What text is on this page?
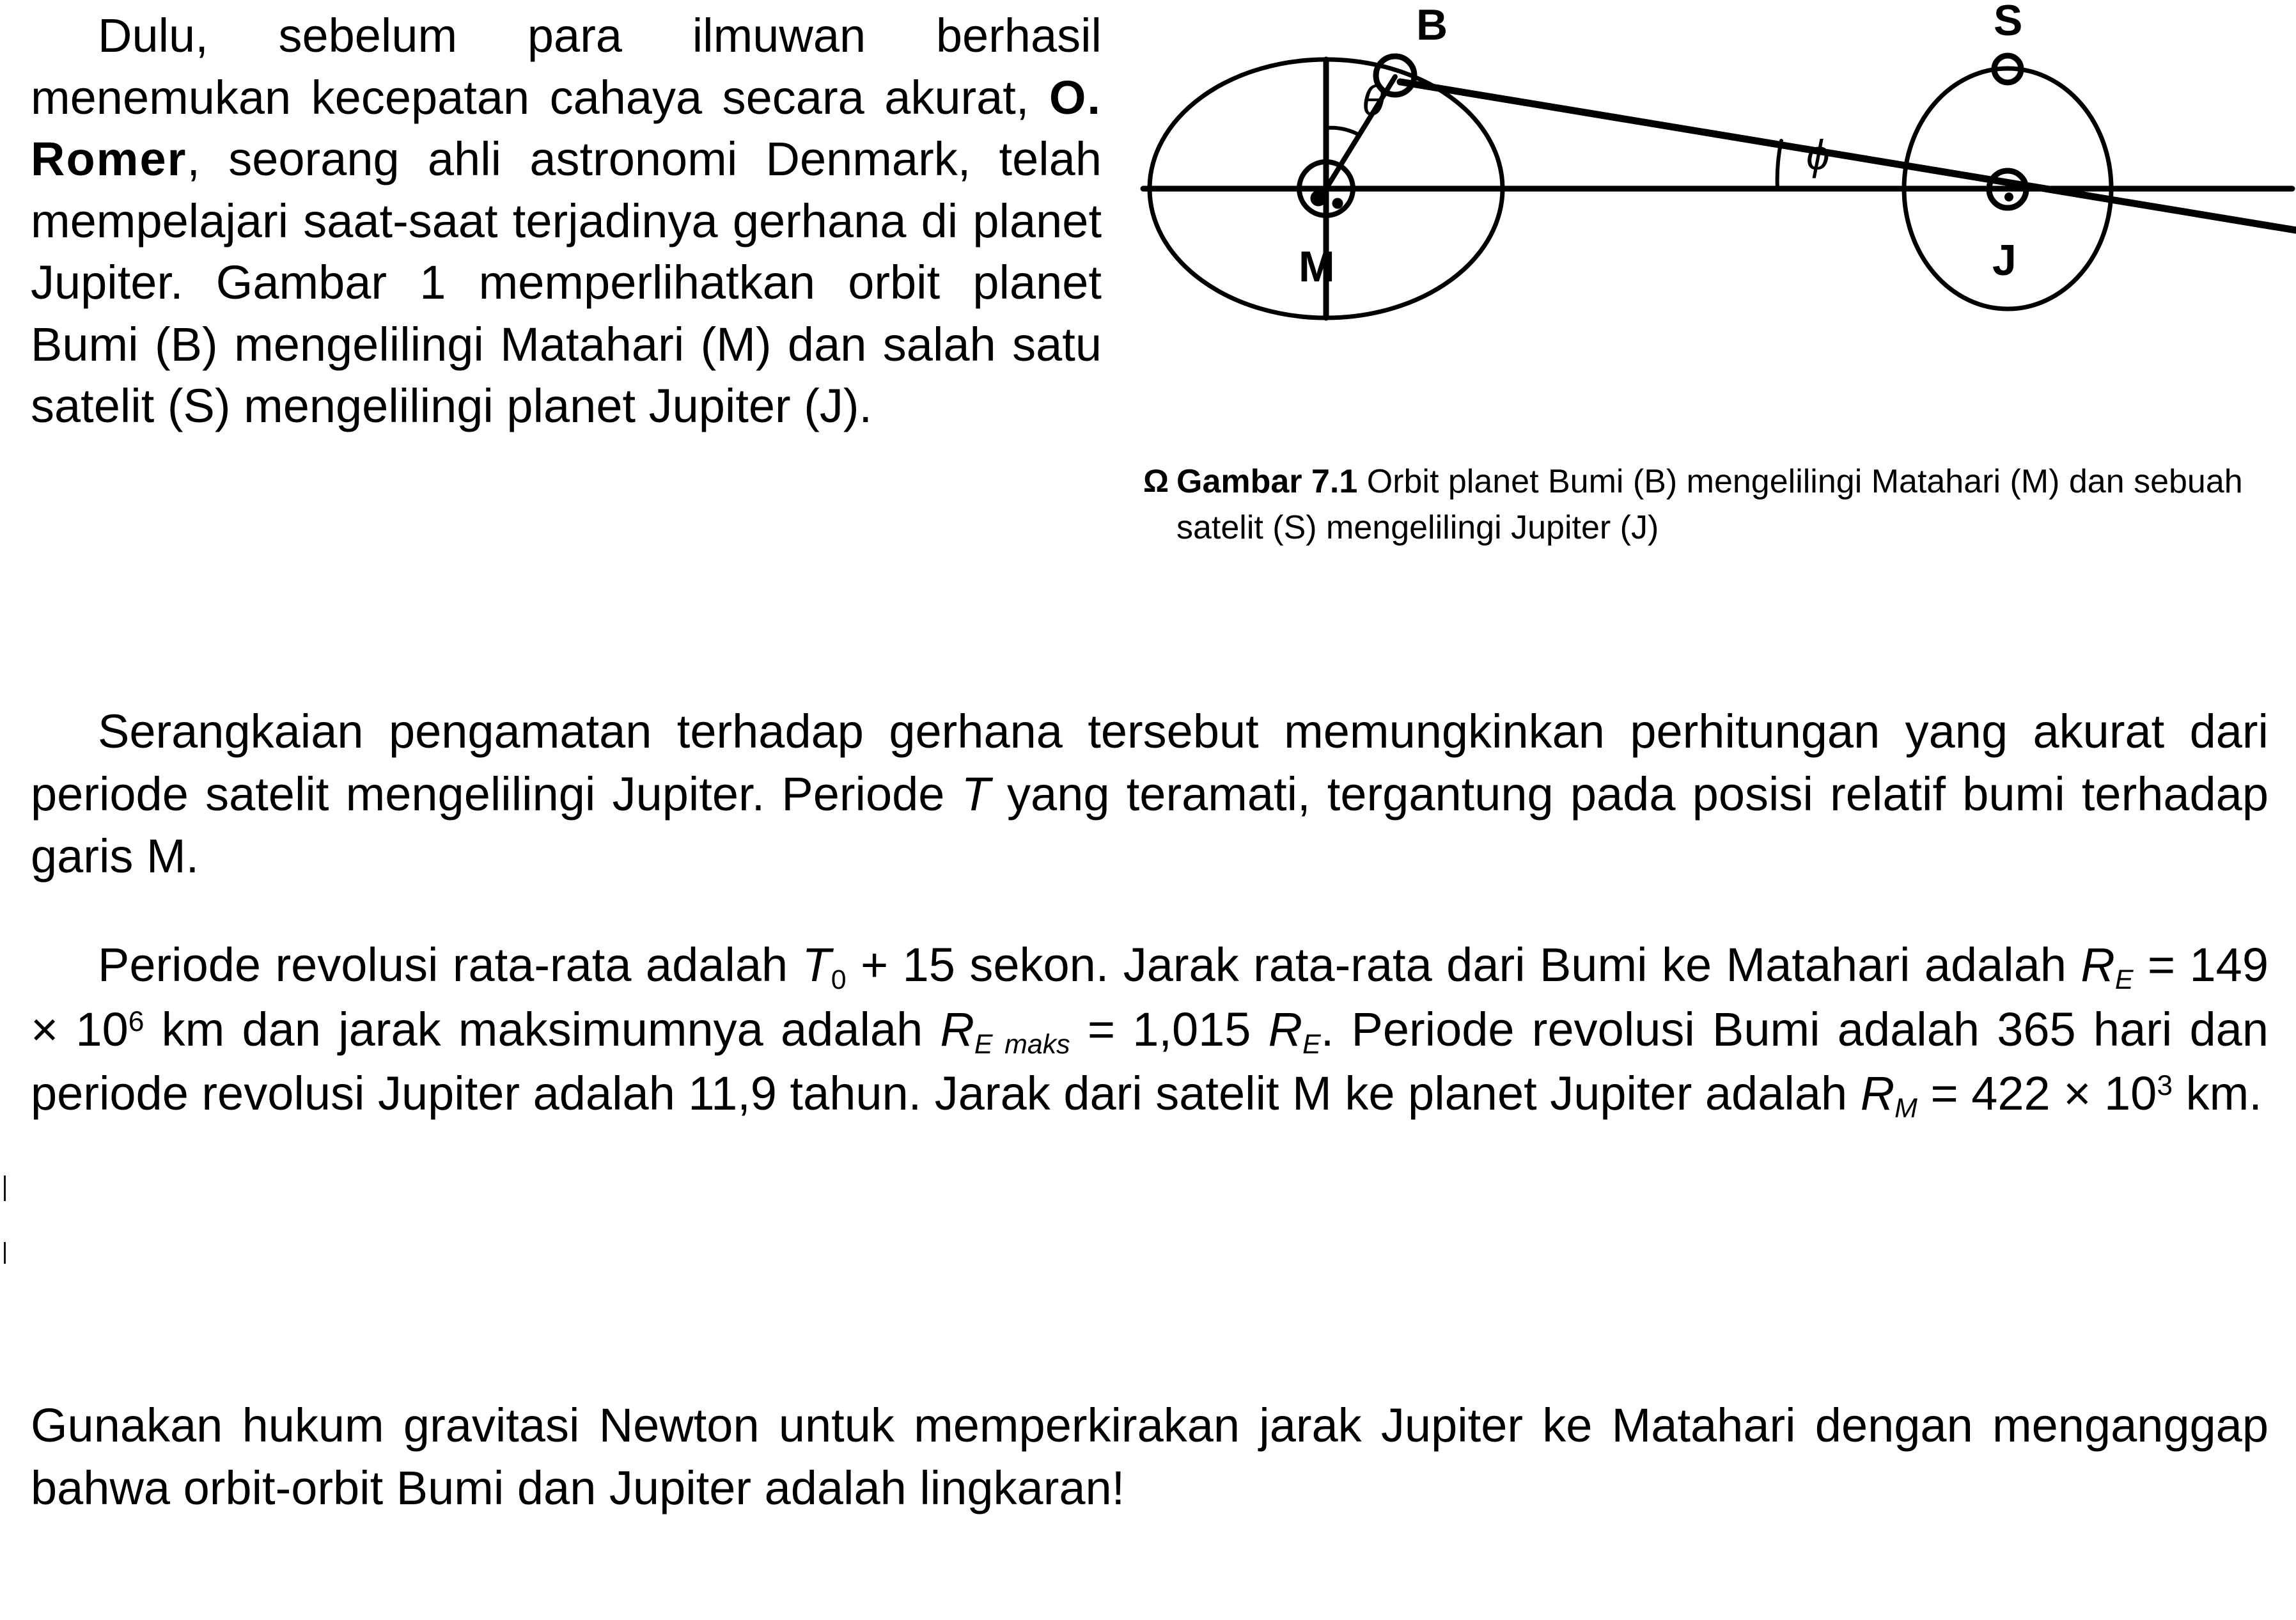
Dulu, sebelum para ilmuwan berhasil menemukan kecepatan cahaya secara akurat, O. Romer, seorang ahli astronomi Denmark, telah mempelajari saat-saat terjadinya gerhana di planet Jupiter. Gambar 1 memperlihatkan orbit planet Bumi (B) mengelilingi Matahari (M) dan salah satu satelit (S) mengelilingi planet Jupiter (J).

B
M
θ
ϕ
S
J
Ω Gambar 7.1 Orbit planet Bumi (B) mengelilingi Matahari (M) dan sebuah satelit (S) mengelilingi Jupiter (J)
Serangkaian pengamatan terhadap gerhana tersebut memungkinkan perhitungan yang akurat dari periode satelit mengelilingi Jupiter. Periode T yang teramati, tergantung pada posisi relatif bumi terhadap garis M.
Periode revolusi rata-rata adalah $T_0 + 15$ sekon. Jarak rata-rata dari Bumi ke Matahari adalah $R_E = 149 \times 10^6$ km dan jarak maksimumnya adalah $R_{E maks} = 1,015$ $R_E$. Periode revolusi Bumi adalah 365 hari dan periode revolusi Jupiter adalah 11,9 tahun. Jarak dari satelit M ke planet Jupiter adalah $R_M = 422 \times 10^3$ km.
Gunakan hukum gravitasi Newton untuk memperkirakan jarak Jupiter ke Matahari dengan menganggap bahwa orbit-orbit Bumi dan Jupiter adalah lingkaran!
